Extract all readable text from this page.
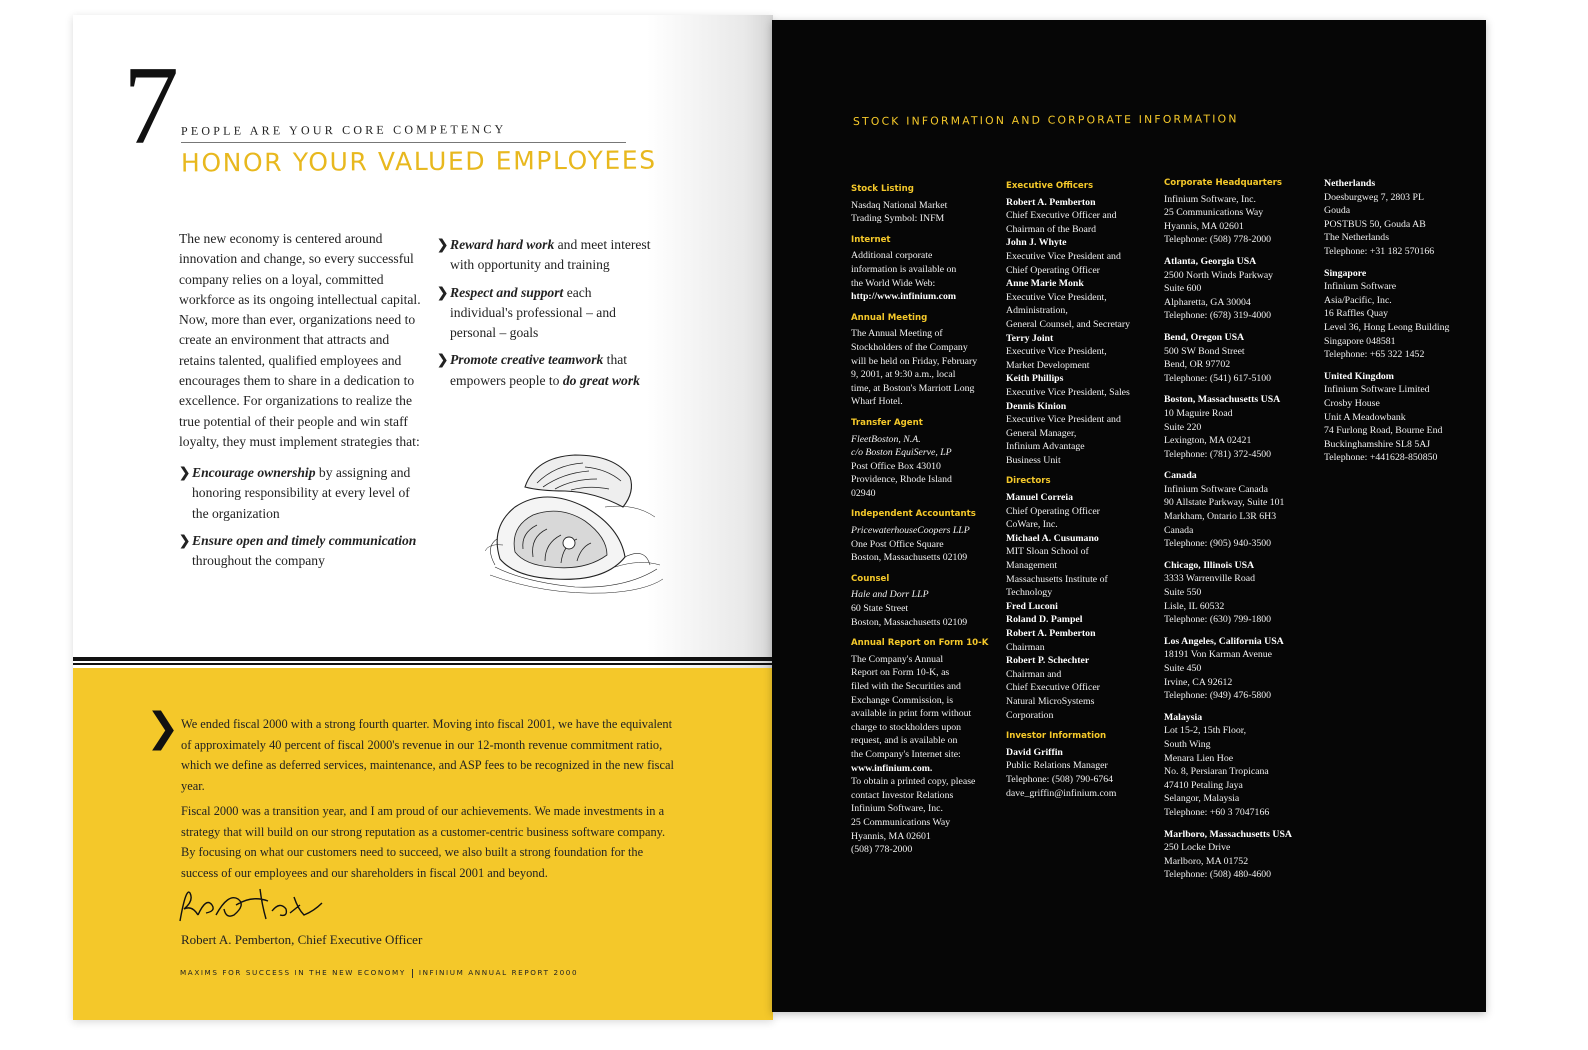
7 PEOPLE ARE YOUR CORE COMPETENCY
HONOR YOUR VALUED EMPLOYEES

The new economy is centered around innovation and change, so every successful company relies on a loyal, committed workforce as its ongoing intellectual capital. Now, more than ever, organizations need to create an environment that attracts and retains talented, qualified employees and encourages them to share in a dedication to excellence. For organizations to realize the true potential of their people and win staff loyalty, they must implement strategies that:

❯ Encourage ownership by assigning and honoring responsibility at every level of the organization

❯ Ensure open and timely communication throughout the company

❯ Reward hard work and meet interest with opportunity and training

❯ Respect and support each individual's professional – and personal – goals

❯ Promote creative teamwork that empowers people to do great work

❯ We ended fiscal 2000 with a strong fourth quarter. Moving into fiscal 2001, we have the equivalent of approximately 40 percent of fiscal 2000's revenue in our 12-month revenue commitment ratio, which we define as deferred services, maintenance, and ASP fees to be recognized in the new fiscal year.

Fiscal 2000 was a transition year, and I am proud of our achievements. We made investments in a strategy that will build on our strong reputation as a customer-centric business software company. By focusing on what our customers need to succeed, we also built a strong foundation for the success of our employees and our shareholders in fiscal 2001 and beyond.

Robert A. Pemberton, Chief Executive Officer
MAXIMS FOR SUCCESS IN THE NEW ECONOMY INFINIUM ANNUAL REPORT 2000
STOCK INFORMATION AND CORPORATE INFORMATION
Stock Listing
Nasdaq National Market
Trading Symbol: INFM
Internet
Additional corporate
information is available on
the World Wide Web:
http://www.infinium.com
Annual Meeting
The Annual Meeting of
Stockholders of the Company
will be held on Friday, February
9, 2001, at 9:30 a.m., local
time, at Boston's Marriott Long
Wharf Hotel.
Transfer Agent
FleetBoston, N.A.
c/o Boston EquiServe, LP
Post Office Box 43010
Providence, Rhode Island
02940
Independent Accountants
PricewaterhouseCoopers LLP
One Post Office Square
Boston, Massachusetts 02109
Counsel
Hale and Dorr LLP
60 State Street
Boston, Massachusetts 02109
Annual Report on Form 10-K
The Company's Annual
Report on Form 10-K, as
filed with the Securities and
Exchange Commission, is
available in print form without
charge to stockholders upon
request, and is available on
the Company's Internet site:
www.infinium.com.
To obtain a printed copy, please
contact Investor Relations
Infinium Software, Inc.
25 Communications Way
Hyannis, MA 02601
(508) 778-2000
Executive Officers
Robert A. Pemberton
Chief Executive Officer and
Chairman of the Board
John J. Whyte
Executive Vice President and
Chief Operating Officer
Anne Marie Monk
Executive Vice President,
Administration,
General Counsel, and Secretary
Terry Joint
Executive Vice President,
Market Development
Keith Phillips
Executive Vice President, Sales
Dennis Kinion
Executive Vice President and
General Manager,
Infinium Advantage
Business Unit
Directors
Manuel Correia
Chief Operating Officer
CoWare, Inc.
Michael A. Cusumano
MIT Sloan School of
Management
Massachusetts Institute of
Technology
Fred Luconi
Roland D. Pampel
Robert A. Pemberton
Chairman
Robert P. Schechter
Chairman and
Chief Executive Officer
Natural MicroSystems
Corporation
Investor Information
David Griffin
Public Relations Manager
Telephone: (508) 790-6764
dave_griffin@infinium.com
Corporate Headquarters
Infinium Software, Inc.
25 Communications Way
Hyannis, MA 02601
Telephone: (508) 778-2000
Atlanta, Georgia USA
2500 North Winds Parkway
Suite 600
Alpharetta, GA 30004
Telephone: (678) 319-4000
Bend, Oregon USA
500 SW Bond Street
Bend, OR 97702
Telephone: (541) 617-5100
Boston, Massachusetts USA
10 Maguire Road
Suite 220
Lexington, MA 02421
Telephone: (781) 372-4500
Canada
Infinium Software Canada
90 Allstate Parkway, Suite 101
Markham, Ontario L3R 6H3
Canada
Telephone: (905) 940-3500
Chicago, Illinois USA
3333 Warrenville Road
Suite 550
Lisle, IL 60532
Telephone: (630) 799-1800
Los Angeles, California USA
18191 Von Karman Avenue
Suite 450
Irvine, CA 92612
Telephone: (949) 476-5800
Malaysia
Lot 15-2, 15th Floor,
South Wing
Menara Lien Hoe
No. 8, Persiaran Tropicana
47410 Petaling Jaya
Selangor, Malaysia
Telephone: +60 3 7047166
Marlboro, Massachusetts USA
250 Locke Drive
Marlboro, MA 01752
Telephone: (508) 480-4600
Netherlands
Doesburgweg 7, 2803 PL
Gouda
POSTBUS 50, Gouda AB
The Netherlands
Telephone: +31 182 570166
Singapore
Infinium Software
Asia/Pacific, Inc.
16 Raffles Quay
Level 36, Hong Leong Building
Singapore 048581
Telephone: +65 322 1452
United Kingdom
Infinium Software Limited
Crosby House
Unit A Meadowbank
74 Furlong Road, Bourne End
Buckinghamshire SL8 5AJ
Telephone: +441628-850850
